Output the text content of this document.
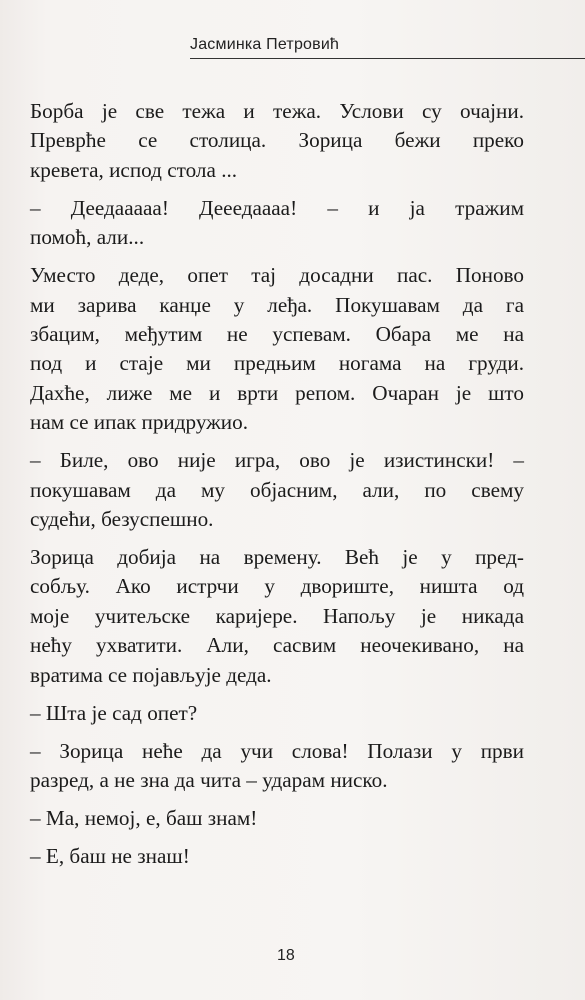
Јасминка Петровић
Борба је све тежа и тежа. Услови су очајни.
Преврће се столица. Зорица бежи преко
кревета, испод стола ...
– Деедааааа! Дееедаааа! – и ја тражим
помоћ, али...
Уместо деде, опет тај досадни пас. Поново
ми зарива канџе у леђа. Покушавам да га
збацим, међутим не успевам. Обара ме на
под и стаје ми предњим ногама на груди.
Дахће, лиже ме и врти репом. Очаран је што
нам се ипак придружио.
– Биле, ово није игра, ово је изистински! –
покушавам да му објасним, али, по свему
судећи, безуспешно.
Зорица добија на времену. Већ је у пред-
собљу. Ако истрчи у двориште, ништа од
моје учитељске каријере. Напољу је никада
нећу ухватити. Али, сасвим неочекивано, на
вратима се појављује деда.
– Шта је сад опет?
– Зорица неће да учи слова! Полази у први
разред, а не зна да чита – ударам ниско.
– Ма, немој, е, баш знам!
– Е, баш не знаш!
18
